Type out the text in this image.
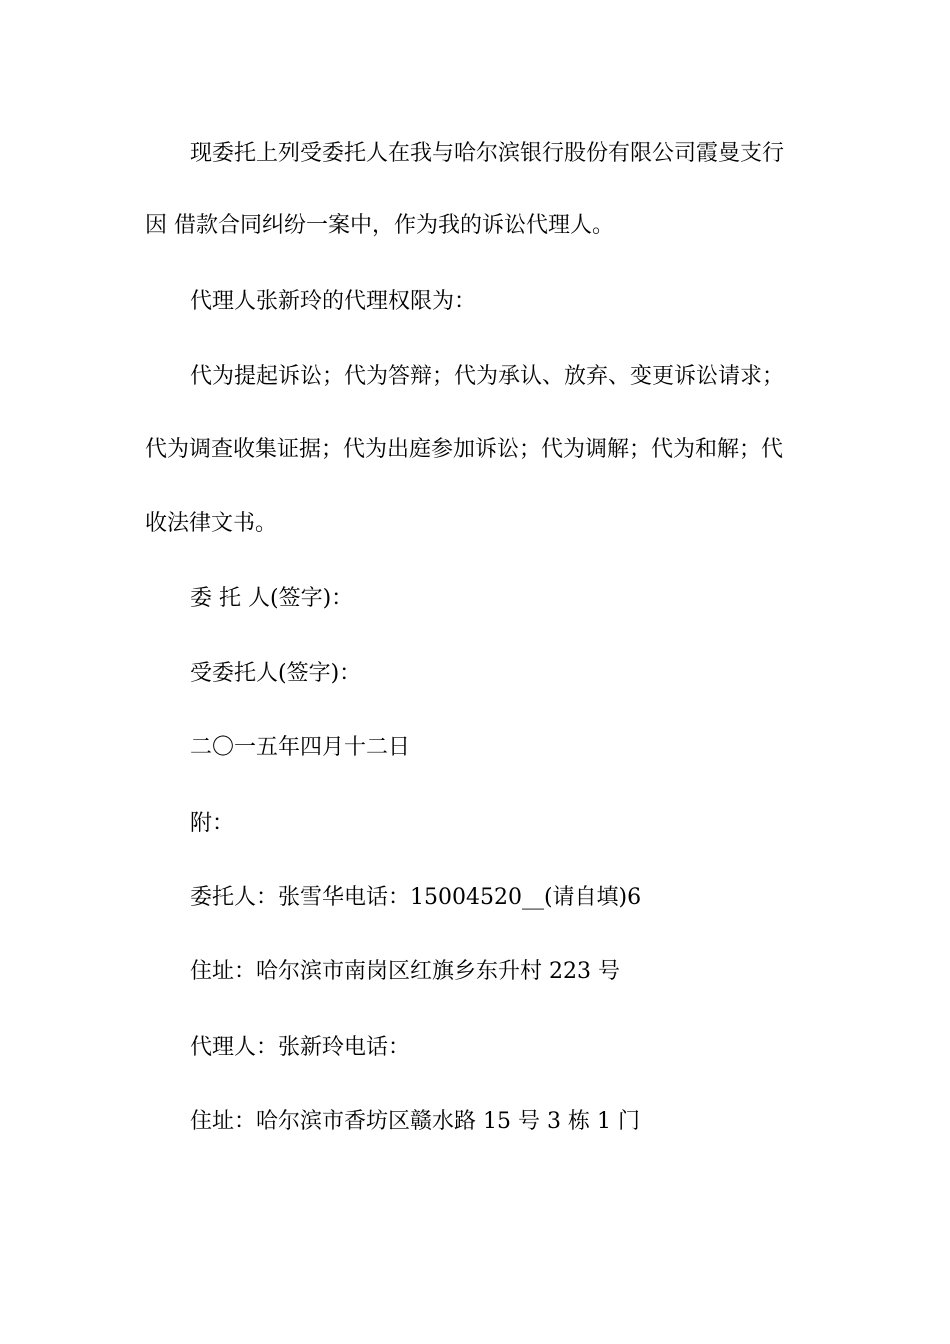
现委托上列受委托人在我与哈尔滨银行股份有限公司霞曼支行
因 借款合同纠纷一案中，作为我的诉讼代理人。
代理人张新玲的代理权限为：
代为提起诉讼；代为答辩；代为承认、放弃、变更诉讼请求；
代为调查收集证据；代为出庭参加诉讼；代为调解；代为和解；代
收法律文书。
委 托 人(签字)：
受委托人(签字)：
二〇一五年四月十二日
附：
委托人：张雪华电话：15004520__(请自填)6
住址：哈尔滨市南岗区红旗乡东升村 223 号
代理人：张新玲电话：
住址：哈尔滨市香坊区赣水路 15 号 3 栋 1 门
